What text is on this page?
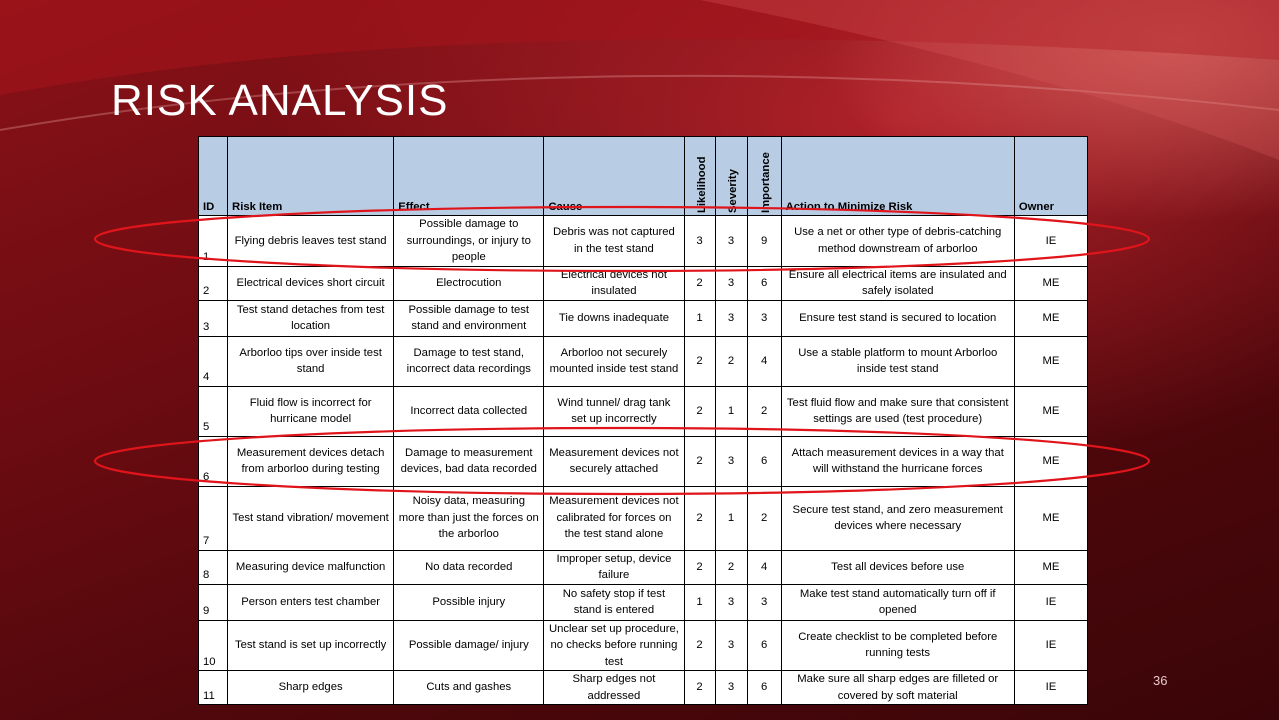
RISK ANALYSIS
ID	Risk Item	Effect	Cause	Likelihood	Severity	Importance	Action to Minimize Risk	Owner
1	Flying debris leaves test stand	Possible damage to surroundings, or injury to people	Debris was not captured in the test stand	3	3	9	Use a net or other type of debris-catching method downstream of arborloo	IE
2	Electrical devices short circuit	Electrocution	Electrical devices not insulated	2	3	6	Ensure all electrical items are insulated and safely isolated	ME
3	Test stand detaches from test location	Possible damage to test stand and environment	Tie downs inadequate	1	3	3	Ensure test stand is secured to location	ME
4	Arborloo tips over inside test stand	Damage to test stand, incorrect data recordings	Arborloo not securely mounted inside test stand	2	2	4	Use a stable platform to mount Arborloo inside test stand	ME
5	Fluid flow is incorrect for hurricane model	Incorrect data collected	Wind tunnel/ drag tank set up incorrectly	2	1	2	Test fluid flow and make sure that consistent settings are used (test procedure)	ME
6	Measurement devices detach from arborloo during testing	Damage to measurement devices, bad data recorded	Measurement devices not securely attached	2	3	6	Attach measurement devices in a way that will withstand the hurricane forces	ME
7	Test stand vibration/ movement	Noisy data, measuring more than just the forces on the arborloo	Measurement devices not calibrated for forces on the test stand alone	2	1	2	Secure test stand, and zero measurement devices where necessary	ME
8	Measuring device malfunction	No data recorded	Improper setup, device failure	2	2	4	Test all devices before use	ME
9	Person enters test chamber	Possible injury	No safety stop if test stand is entered	1	3	3	Make test stand automatically turn off if opened	IE
10	Test stand is set up incorrectly	Possible damage/ injury	Unclear set up procedure, no checks before running test	2	3	6	Create checklist to be completed before running tests	IE
11	Sharp edges	Cuts and gashes	Sharp edges not addressed	2	3	6	Make sure all sharp edges are filleted or covered by soft material	IE	36
